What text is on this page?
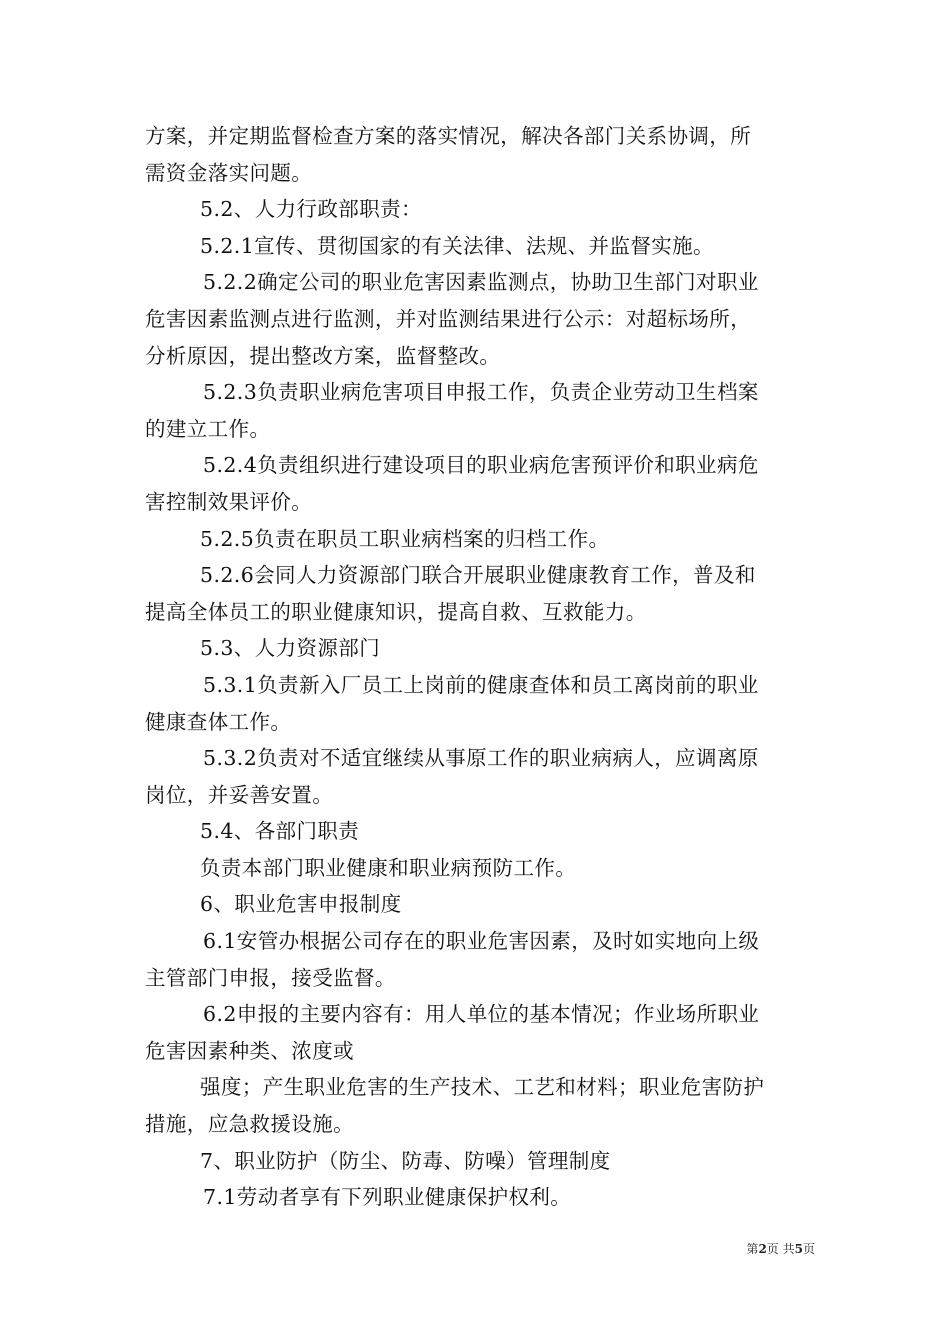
方案，并定期监督检查方案的落实情况，解决各部门关系协调，所
需资金落实问题。
5.2、人力行政部职责：
5.2.1宣传、贯彻国家的有关法律、法规、并监督实施。
5.2.2确定公司的职业危害因素监测点，协助卫生部门对职业
危害因素监测点进行监测，并对监测结果进行公示：对超标场所，
分析原因，提出整改方案，监督整改。
5.2.3负责职业病危害项目申报工作，负责企业劳动卫生档案
的建立工作。
5.2.4负责组织进行建设项目的职业病危害预评价和职业病危
害控制效果评价。
5.2.5负责在职员工职业病档案的归档工作。
5.2.6会同人力资源部门联合开展职业健康教育工作，普及和
提高全体员工的职业健康知识，提高自救、互救能力。
5.3、人力资源部门
5.3.1负责新入厂员工上岗前的健康查体和员工离岗前的职业
健康查体工作。
5.3.2负责对不适宜继续从事原工作的职业病病人，应调离原
岗位，并妥善安置。
5.4、各部门职责
负责本部门职业健康和职业病预防工作。
6、职业危害申报制度
6.1安管办根据公司存在的职业危害因素，及时如实地向上级
主管部门申报，接受监督。
6.2申报的主要内容有：用人单位的基本情况；作业场所职业
危害因素种类、浓度或
强度；产生职业危害的生产技术、工艺和材料；职业危害防护
措施，应急救援设施。
7、职业防护（防尘、防毒、防噪）管理制度
7.1劳动者享有下列职业健康保护权利。
第2页 共5页
